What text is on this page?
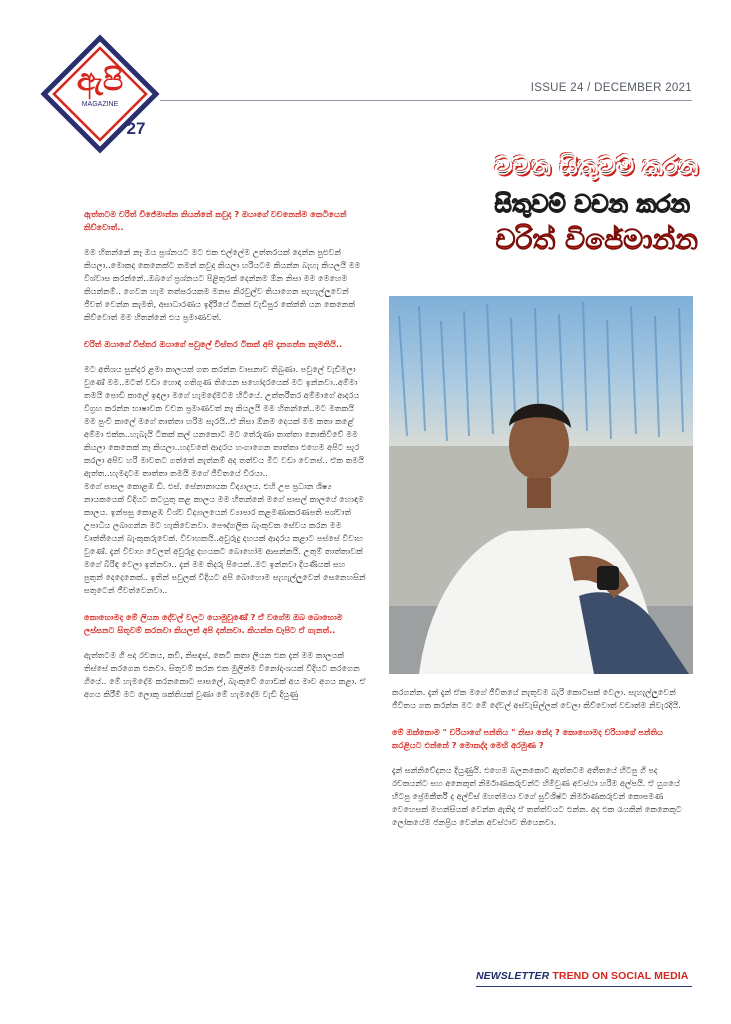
ඇපි
MAGAZINE
27
ISSUE 24 / DECEMBER 2021
වචන සිතුවම් කරන
සිතුවම් වචන කරන
චරිත් විජේමාන්න

ඇත්තටම චරිත් විජේමාන්න කියන්නේ කවුද ? ඔයාගේ වචනෙන්ම කෙටියෙන් කිව්වොත්..

මම හිතන්නේ නෑ ඔය ප්‍රශ්නයට මට එක එල්ලේම උත්තරයක් දෙන්න පුළුවන් කියලා..මොකද කෙනෙක්ට තමන් කවුද කියලා හරියටම කියන්න බැහැ කියලයි මම විශ්වාස කරන්නේ..ඔබගේ ප්‍රශ්නයට පිළිතුරක් දෙන්නම ඕන නිසා මම මෙහෙම කියන්නම්.. ගෙවන හැම තත්පරයකම මනස නිරවුල්ව තියාගෙන සැහැල්ලුවෙන් ජීවත් වෙන්න කැමති, අසාධාරණය ඉදිරියේ ටිකක් වැඩිපුර කේන්ති යන කෙනෙක් කිව්වොත් මම හිතන්නේ එය ප්‍රමාණවත්.

චරිත් ඔයාගේ විස්තර ඔයාගේ පවුලේ විස්තර ටිකක් අපි දැනගන්න කැමතියි..

මට අතිශය සුන්දර ළමා කාලයක් ගත කරන්න වාසනාව තිබුණා. පවුලේ වැඩිමලා වුණේ මම..මටත් වඩා හොඳ ගතිගුණ තියෙන සහෝදරයෙක් මට ඉන්නවා..අම්මා තමයි පොඩි කාලේ ඉඳලා මගේ හැමදේමටම හිටියේ. උත්තරීතර අම්මාගේ ආදරය විග්‍රහ කරන්න භාෂාවක වචන ප්‍රමාණවත් නෑ කියලයි මම හිතන්නේ..මට මතකයි මම පුංචි කාලේ මගේ තාත්තා හරිම සැරයි..ඒ නිසා ඕනම දෙයක් මම කතා කළේ අම්මා එක්ක..හැබැයි ටිකක් කල් යනකොට මට තේරුණා තාත්තා නොකිවිවේ මම කියලා කෙනෙක් නෑ කියලා..හදවතේ ආදරය හංගාගෙන තාත්තා එහෙම අපිට සැර කරලා අපිව හරි මාවතට ගත්තේ නැත්නම් අද තත්වය මීට වඩා වෙනස්.. ඒක තමයි ඇත්ත..හැමදාටම තාත්තා තමයි මගේ ජීවිතයේ වීරයා..
මගේ පාසල කොළඹ ඩී. එස්. සේනානායක විද්‍යාලය. එහි උප ප්‍රධාන ශිෂ්‍ය නායකයෙක් විදියට කටයුතු කළ කාලය මම හිතන්නේ මගේ පාසල් කාලයේ හොඳම කාලය. ඉන්පසු කොළඹ විශ්ව විද්‍යාලයෙන් ව්‍යාපාර කළමණාකරණපති පශ්චාත් උපාධිය ලබාගන්න මට හැකිවෙනවා. පෞද්ගලික බැංකුවක සේවය කරන මම වෘත්තීයෙන් බැංකුකරුවෙක්. විවාහකයි..අවුරුදු දහයක් ආදරය කළාට පස්සේ විවාහ වුණේ. දැන් විවාහ වෙලත් අවුරුදු දහයකට බොහෝම ආසන්නයි. උතුම් තාත්තාවක් මගේ බිරිඳ වෙලා ඉන්නවා.. දැන් මම තිදරු පියෙක්..මට ඉන්නවා දියණියක් සහ පුතුන් දෙදෙනෙක්.. ඉතින් පවුලක් විදියට අපි බොහොම සැහැල්ලුවෙන් සෙනෙහසින් සතුටෙන් ජීවත්වෙනවා..

කොහොමද මේ ලියන දේවල් වලට යොමුවුණේ ? ඒ වගේම ඔබ බොහොම ලස්සනට සිතුවම් කරනවා කියලත් අපි දන්නවා. කියන්න ඩෑපිට ඒ ගැනත්..

ඇත්තටම ගී පද රචනය, කවි, නිසඳැස්, කෙටි කතා ලියන එක දැන් මම කාලයක් තිස්සේ කරගෙන එනවා. සිතුවම් කරන එක මුලින්ම විනෝදාංශයක් විදියට කරගෙන ගියේ.. මේ හැමදේම කරනකොට පාසලේ, බැංකුවේ ගොඩක් අය මාව අගය කළා. ඒ අගය කිරීම් මට ලොකු ශක්තියක් වුණා මේ හැමදේම වැඩි දියුණු	කරගන්න. දැන් දැන් ඒක මගේ ජීවිතයේ නැතුවම බැරි කොටසක් වෙලා. සැහැල්ලුවෙන් ජීවිතය ගත කරන්න මට මේ දේවල් අස්වැසිල්ලක් වෙලා කිව්වොත් වඩාත්ම නිවැරදියි.

මේ ඔක්කොම " චරියාගේ පන්තිය " නිසා නේද ? කොහොමද චරියාගේ පන්තිය කරළියට එන්නේ ? මොකද්ද මෙහි අරමුණ ?

දැන් සන්නිවේදනය දියුණුයි. එහෙම බලනකොට ඇත්තටම අතීතයේ හිටපු ගී පද රචකයන්ට සහ අනෙකුත් නිර්මාණකරුවන්ට හිමිවුණ අවස්ථා හරිම අල්පයි. ඒ යුගයේ හිටපු ප්‍රේමකීර්ති ද අල්විස් මහත්මයා වගේ සුවිශිෂ්ට නිර්මාණකරුවන් කොපමණ වෙහෙසක් මහන්සියක් වෙන්න ඇතිද ඒ තත්ත්වයට එන්න. අද එක රැයකින් කෙනෙකුට ලෝකයේම ජනප්‍රිය වෙන්න අවස්ථාව තියෙනවා.

NEWSLETTER TREND ON SOCIAL MEDIA
